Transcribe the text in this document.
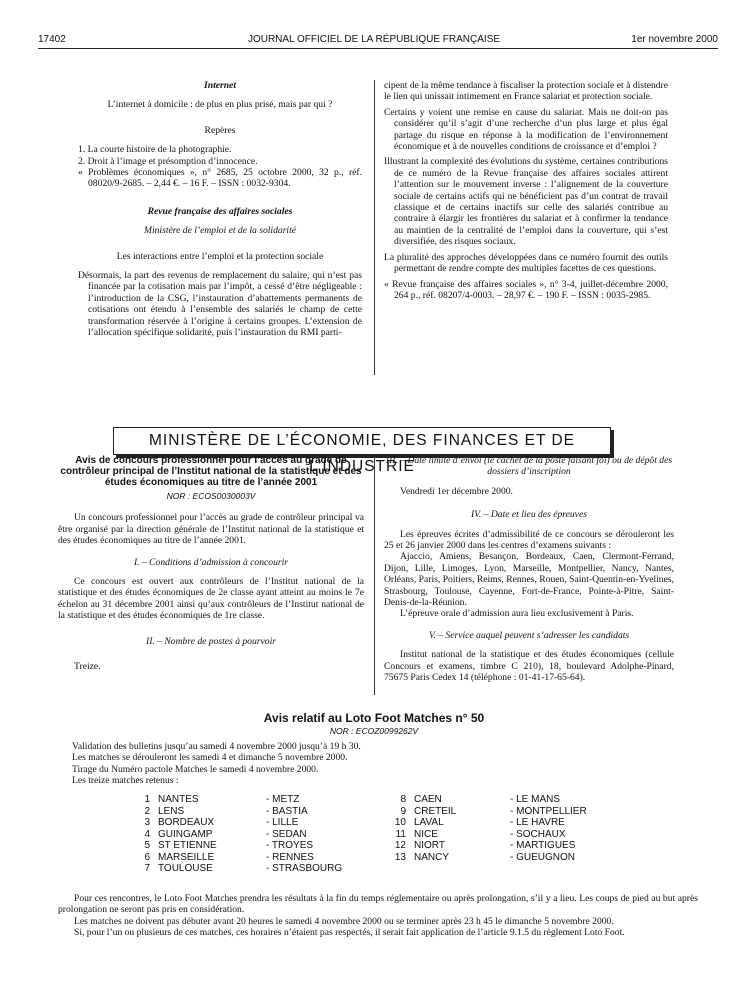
17402	JOURNAL OFFICIEL DE LA RÉPUBLIQUE FRANÇAISE	1er novembre 2000
Internet
L’internet à domicile : de plus en plus prisé, mais par qui ?
Repères
1. La courte histoire de la photographie.
2. Droit à l’image et présomption d’innocence.
« Problèmes économiques », n° 2685, 25 octobre 2000, 32 p., réf. 08020/9-2685. – 2,44 €. – 16 F. – ISSN : 0032-9304.
Revue française des affaires sociales
Ministère de l’emploi et de la solidarité
Les interactions entre l’emploi et la protection sociale
Désormais, la part des revenus de remplacement du salaire, qui n’est pas financée par la cotisation mais par l’impôt, a cessé d’être négligeable : l’introduction de la CSG, l’instauration d’abattements permanents de cotisations ont étendu à l’ensemble des salariés le champ de cette transformation réservée à l’origine à certains groupes. L’extension de l’allocation spécifique solidarité, puis l’instauration du RMI parti-
cipent de la même tendance à fiscaliser la protection sociale et à distendre le lien qui unissait intimement en France salariat et protection sociale.
Certains y voient une remise en cause du salariat. Mais ne doit-on pas considérer qu’il s’agit d’une recherche d’un plus large et plus égal partage du risque en réponse à la modification de l’environnement économique et à de nouvelles conditions de croissance et d’emploi ?
Illustrant la complexité des évolutions du système, certaines contributions de ce numéro de la Revue française des affaires sociales attirent l’attention sur le mouvement inverse : l’alignement de la couverture sociale de certains actifs qui ne bénéficient pas d’un contrat de travail classique et de certains inactifs sur celle des salariés contribue au contraire à élargir les frontières du salariat et à confirmer la tendance au maintien de la centralité de l’emploi dans la couverture, qui s’est diversifiée, des risques sociaux.
La pluralité des approches développées dans ce numéro fournit des outils permettant de rendre compte des multiples facettes de ces questions.
« Revue française des affaires sociales », n° 3-4, juillet-décembre 2000, 264 p., réf. 08207/4-0003. – 28,97 €. – 190 F. – ISSN : 0035-2985.
MINISTÈRE DE L’ÉCONOMIE, DES FINANCES ET DE L’INDUSTRIE
Avis de concours professionnel pour l’accès au grade de contrôleur principal de l’Institut national de la statistique et des études économiques au titre de l’année 2001
NOR : ECOS0030003V
Un concours professionnel pour l’accès au grade de contrôleur principal va être organisé par la direction générale de l’Institut national de la statistique et des études économiques au titre de l’année 2001.
I. – Conditions d’admission à concourir
Ce concours est ouvert aux contrôleurs de l’Institut national de la statistique et des études économiques de 2e classe ayant atteint au moins le 7e échelon au 31 décembre 2001 ainsi qu’aux contrôleurs de l’Institut national de la statistique et des études économiques de 1re classe.
II. – Nombre de postes à pourvoir
Treize.
III. – Date limite d’envoi (le cachet de la poste faisant foi) ou de dépôt des dossiers d’inscription
Vendredi 1er décembre 2000.
IV. – Date et lieu des épreuves
Les épreuves écrites d’admissibilité de ce concours se dérouleront les 25 et 26 janvier 2000 dans les centres d’examens suivants :
Ajaccio, Amiens, Besançon, Bordeaux, Caen, Clermont-Ferrand, Dijon, Lille, Limoges, Lyon, Marseille, Montpellier, Nancy, Nantes, Orléans, Paris, Poitiers, Reims, Rennes, Rouen, Saint-Quentin-en-Yvelines, Strasbourg, Toulouse, Cayenne, Fort-de-France, Pointe-à-Pitre, Saint-Denis-de-la-Réunion.
L’épreuve orale d’admission aura lieu exclusivement à Paris.
V. – Service auquel peuvent s’adresser les candidats
Institut national de la statistique et des études économiques (cellule Concours et examens, timbre C 210), 18, boulevard Adolphe-Pinard, 75675 Paris Cedex 14 (téléphone : 01-41-17-65-64).
Avis relatif au Loto Foot Matches n° 50
NOR : ECOZ0099262V
Validation des bulletins jusqu’au samedi 4 novembre 2000 jusqu’à 19 h 30.
Les matches se dérouleront les samedi 4 et dimanche 5 novembre 2000.
Tirage du Numéro pactole Matches le samedi 4 novembre 2000.
Les treize matches retenus :
1 NANTES	- METZ
2 LENS	- BASTIA
3 BORDEAUX	- LILLE
4 GUINGAMP	- SEDAN
5 ST ETIENNE	- TROYES
6 MARSEILLE	- RENNES
7 TOULOUSE	- STRASBOURG
8 CAEN	- LE MANS
9 CRETEIL	- MONTPELLIER
10 LAVAL	- LE HAVRE
11 NICE	- SOCHAUX
12 NIORT	- MARTIGUES
13 NANCY	- GUEUGNON
Pour ces rencontres, le Loto Foot Matches prendra les résultats à la fin du temps réglementaire ou après prolongation, s’il y a lieu. Les coups de pied au but après prolongation ne seront pas pris en considération.
Les matches ne doivent pas débuter avant 20 heures le samedi 4 novembre 2000 ou se terminer après 23 h 45 le dimanche 5 novembre 2000.
Si, pour l’un ou plusieurs de ces matches, ces horaires n’étaient pas respectés, il serait fait application de l’article 9.1.5 du règlement Loto Foot.
